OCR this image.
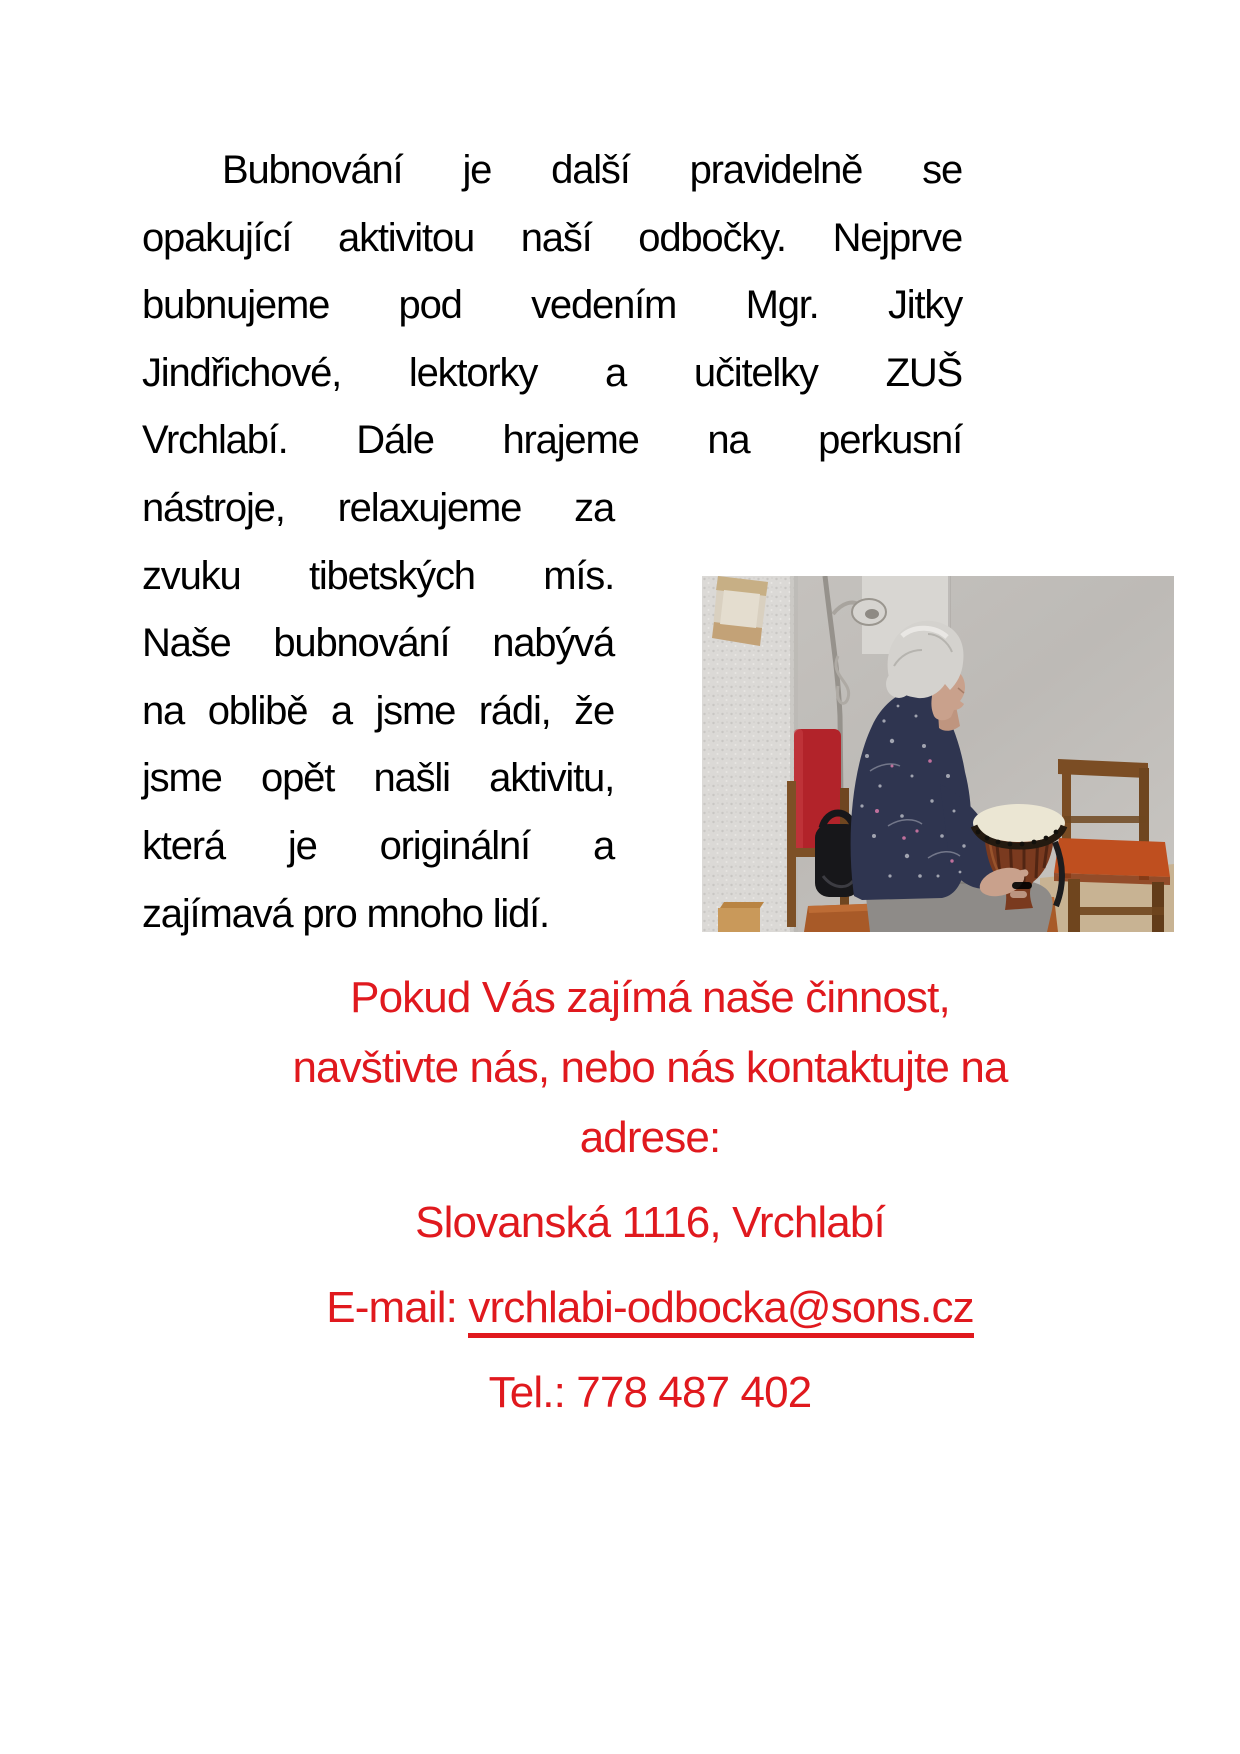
Bubnování je další pravidelně se
opakující aktivitou naší odbočky. Nejprve
bubnujeme pod vedením Mgr. Jitky
Jindřichové, lektorky a učitelky ZUŠ
Vrchlabí. Dále hrajeme na perkusní
nástroje, relaxujeme za
zvuku tibetských mís.
Naše bubnování nabývá
na oblibě a jsme rádi, že
jsme opět našli aktivitu,
která je originální a
zajímavá pro mnoho lidí.
Pokud Vás zajímá naše činnost,
navštivte nás, nebo nás kontaktujte na
adrese:
Slovanská 1116, Vrchlabí
E-mail: vrchlabi-odbocka@sons.cz
Tel.: 778 487 402
